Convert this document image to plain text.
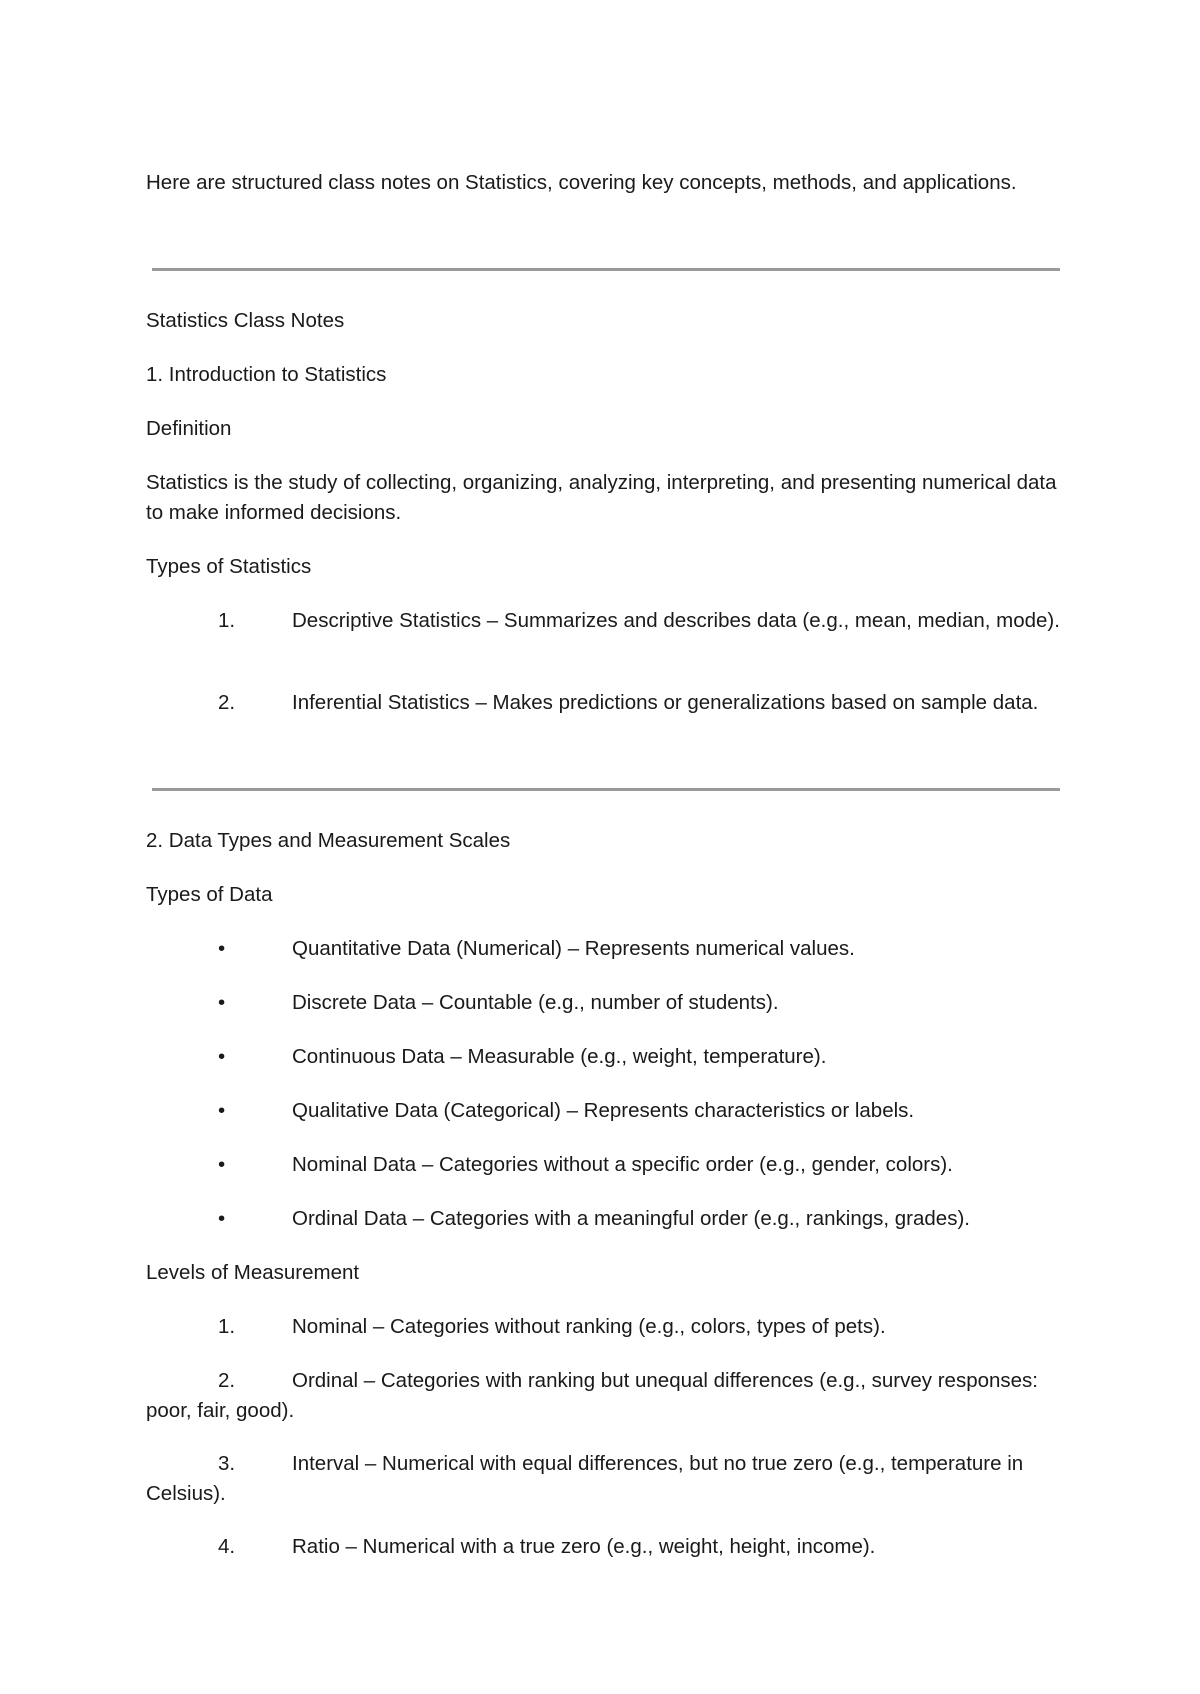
Here are structured class notes on Statistics, covering key concepts, methods, and applications.
Statistics Class Notes
1. Introduction to Statistics
Definition
Statistics is the study of collecting, organizing, analyzing, interpreting, and presenting numerical data to make informed decisions.
Types of Statistics
1.	Descriptive Statistics – Summarizes and describes data (e.g., mean, median, mode).
2.	Inferential Statistics – Makes predictions or generalizations based on sample data.
2. Data Types and Measurement Scales
Types of Data
•	Quantitative Data (Numerical) – Represents numerical values.
•	Discrete Data – Countable (e.g., number of students).
•	Continuous Data – Measurable (e.g., weight, temperature).
•	Qualitative Data (Categorical) – Represents characteristics or labels.
•	Nominal Data – Categories without a specific order (e.g., gender, colors).
•	Ordinal Data – Categories with a meaningful order (e.g., rankings, grades).
Levels of Measurement
1.	Nominal – Categories without ranking (e.g., colors, types of pets).
2.	Ordinal – Categories with ranking but unequal differences (e.g., survey responses: poor, fair, good).
3.	Interval – Numerical with equal differences, but no true zero (e.g., temperature in Celsius).
4.	Ratio – Numerical with a true zero (e.g., weight, height, income).
